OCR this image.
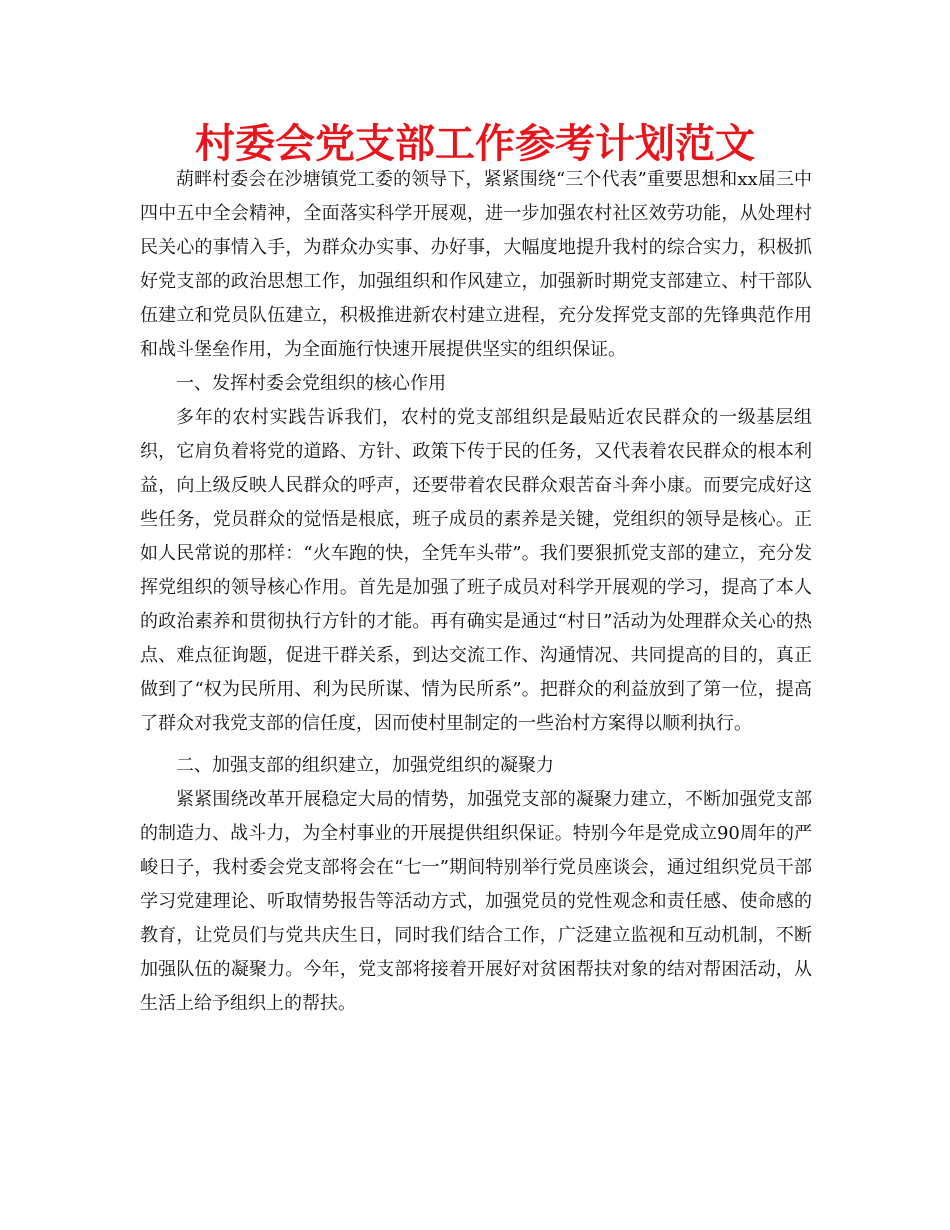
村委会党支部工作参考计划范文

葫畔村委会在沙塘镇党工委的领导下，紧紧围绕“三个代表”重要思想和xx届三中四中五中全会精神，全面落实科学开展观，进一步加强农村社区效劳功能，从处理村民关心的事情入手，为群众办实事、办好事，大幅度地提升我村的综合实力，积极抓好党支部的政治思想工作，加强组织和作风建立，加强新时期党支部建立、村干部队伍建立和党员队伍建立，积极推进新农村建立进程，充分发挥党支部的先锋典范作用和战斗堡垒作用，为全面施行快速开展提供坚实的组织保证。

一、发挥村委会党组织的核心作用

多年的农村实践告诉我们，农村的党支部组织是最贴近农民群众的一级基层组织，它肩负着将党的道路、方针、政策下传于民的任务，又代表着农民群众的根本利益，向上级反映人民群众的呼声，还要带着农民群众艰苦奋斗奔小康。而要完成好这些任务，党员群众的觉悟是根底，班子成员的素养是关键，党组织的领导是核心。正如人民常说的那样：“火车跑的快，全凭车头带”。我们要狠抓党支部的建立，充分发挥党组织的领导核心作用。首先是加强了班子成员对科学开展观的学习，提高了本人的政治素养和贯彻执行方针的才能。再有确实是通过“村日”活动为处理群众关心的热点、难点征询题，促进干群关系，到达交流工作、沟通情况、共同提高的目的，真正做到了“权为民所用、利为民所谋、情为民所系”。把群众的利益放到了第一位，提高了群众对我党支部的信任度，因而使村里制定的一些治村方案得以顺利执行。

二、加强支部的组织建立，加强党组织的凝聚力

紧紧围绕改革开展稳定大局的情势，加强党支部的凝聚力建立，不断加强党支部的制造力、战斗力，为全村事业的开展提供组织保证。特别今年是党成立90周年的严峻日子，我村委会党支部将会在“七一”期间特别举行党员座谈会，通过组织党员干部学习党建理论、听取情势报告等活动方式，加强党员的党性观念和责任感、使命感的教育，让党员们与党共庆生日，同时我们结合工作，广泛建立监视和互动机制，不断加强队伍的凝聚力。今年，党支部将接着开展好对贫困帮扶对象的结对帮困活动，从生活上给予组织上的帮扶。
